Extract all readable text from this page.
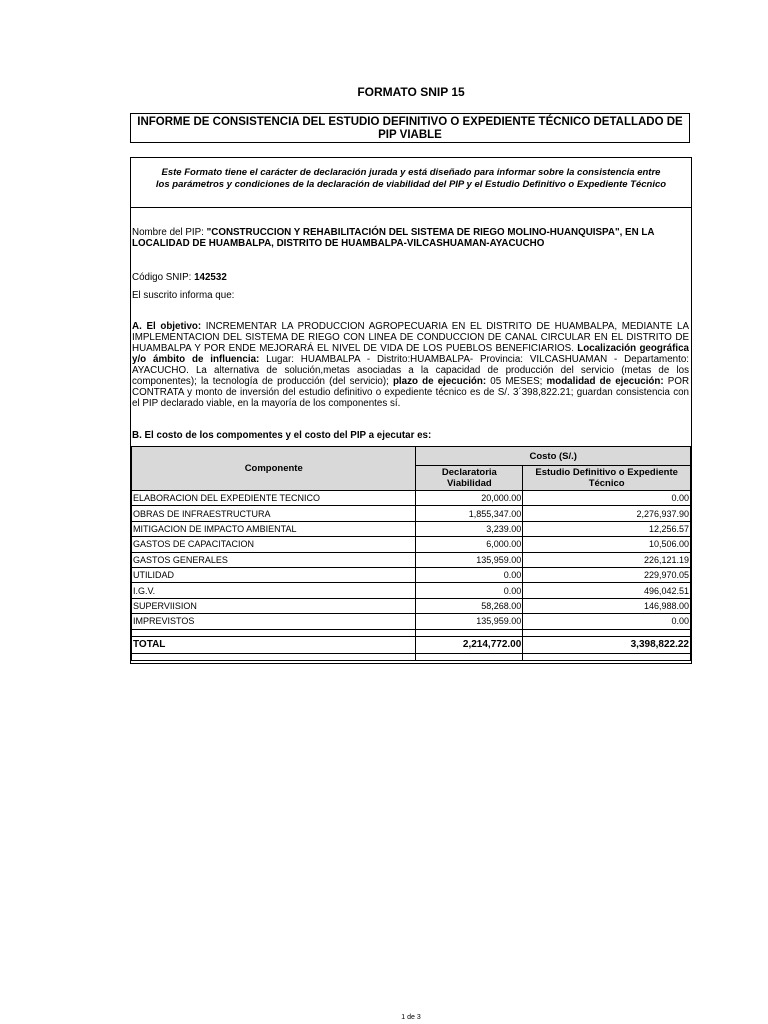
FORMATO SNIP 15
INFORME DE CONSISTENCIA DEL ESTUDIO DEFINITIVO O EXPEDIENTE TÉCNICO DETALLADO DE PIP VIABLE
Este Formato tiene el carácter de declaración jurada y está diseñado para informar sobre la consistencia entre
los parámetros y condiciones de la declaración de viabilidad del PIP y el Estudio Definitivo o Expediente Técnico
Nombre del PIP: "CONSTRUCCION Y REHABILITACIÓN DEL SISTEMA DE RIEGO MOLINO-HUANQUISPA", EN LA LOCALIDAD DE HUAMBALPA, DISTRITO DE HUAMBALPA-VILCASHUAMAN-AYACUCHO
Código SNIP: 142532
El suscrito informa que:
A. El objetivo: INCREMENTAR LA PRODUCCION AGROPECUARIA EN EL DISTRITO DE HUAMBALPA, MEDIANTE LA IMPLEMENTACION DEL SISTEMA DE RIEGO CON LINEA DE CONDUCCION DE CANAL CIRCULAR EN EL DISTRITO DE HUAMBALPA Y POR ENDE MEJORARÁ EL NIVEL DE VIDA DE LOS PUEBLOS BENEFICIARIOS. Localización geográfica y/o ámbito de influencia: Lugar: HUAMBALPA - Distrito:HUAMBALPA- Provincia: VILCASHUAMAN - Departamento: AYACUCHO. La alternativa de solución,metas asociadas a la capacidad de producción del servicio (metas de los componentes); la tecnología de producción (del servicio); plazo de ejecución: 05 MESES; modalidad de ejecución: POR CONTRATA y monto de inversión del estudio definitivo o expediente técnico es de S/. 3´398,822.21; guardan consistencia con el PIP declarado viable, en la mayoría de los componentes sí.
B. El costo de los compomentes y el costo del PIP a ejecutar es:
Componente	Costo (S/.)	
	Declaratoria Viabilidad	Estudio Definitivo o Expediente Técnico
ELABORACION DEL EXPEDIENTE TECNICO	20,000.00	0.00
OBRAS DE INFRAESTRUCTURA	1,855,347.00	2,276,937.90
MITIGACION DE IMPACTO AMBIENTAL	3,239.00	12,256.57
GASTOS DE CAPACITACION	6,000.00	10,506.00
GASTOS GENERALES	135,959.00	226,121.19
UTILIDAD	0.00	229,970.05
I.G.V.	0.00	496,042.51
SUPERVIISION	58,268.00	146,988.00
IMPREVISTOS	135,959.00	0.00

TOTAL	2,214,772.00	3,398,822.22

1 de 3
